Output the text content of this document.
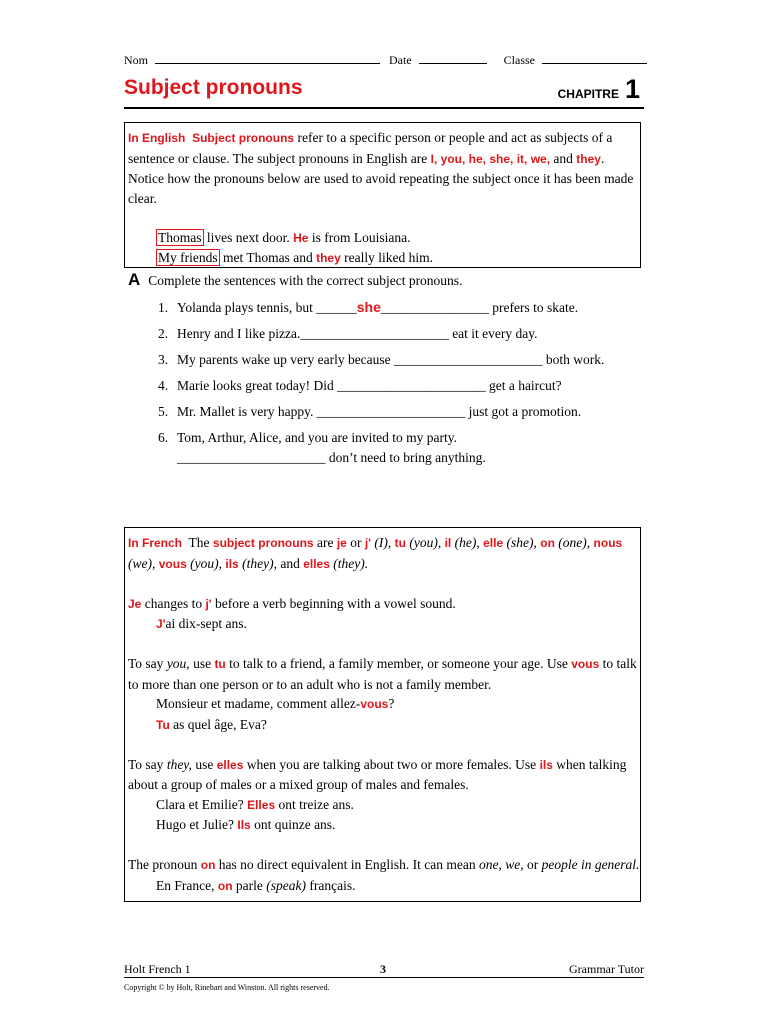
Nom	Date	Classe
Subject pronouns	CHAPITRE 1

In English Subject pronouns refer to a specific person or people and act as subjects of a sentence or clause. The subject pronouns in English are I, you, he, she, it, we, and they. Notice how the pronouns below are used to avoid repeating the subject once it has been made clear.

Thomas lives next door. He is from Louisiana.

My friends met Thomas and they really liked him.

A Complete the sentences with the correct subject pronouns.
1. Yolanda plays tennis, but ______she________________ prefers to skate.
2. Henry and I like pizza.______________________ eat it every day.
3. My parents wake up very early because ______________________ both work.
4. Marie looks great today! Did ______________________ get a haircut?
5. Mr. Mallet is very happy. ______________________ just got a promotion.
6. Tom, Arthur, Alice, and you are invited to my party.
______________________ don’t need to bring anything.

In French The subject pronouns are je or j' (I), tu (you), il (he), elle (she), on (one), nous (we), vous (you), ils (they), and elles (they).

Je changes to j' before a verb beginning with a vowel sound.

J'ai dix-sept ans.

To say you, use tu to talk to a friend, a family member, or someone your age. Use vous to talk to more than one person or to an adult who is not a family member.

Monsieur et madame, comment allez-vous?

Tu as quel âge, Eva?

To say they, use elles when you are talking about two or more females. Use ils when talking about a group of males or a mixed group of males and females.

Clara et Emilie? Elles ont treize ans.

Hugo et Julie? Ils ont quinze ans.

The pronoun on has no direct equivalent in English. It can mean one, we, or people in general.

En France, on parle (speak) français.

Holt French 1	3	Grammar Tutor
Copyright © by Holt, Rinehart and Winston. All rights reserved.
